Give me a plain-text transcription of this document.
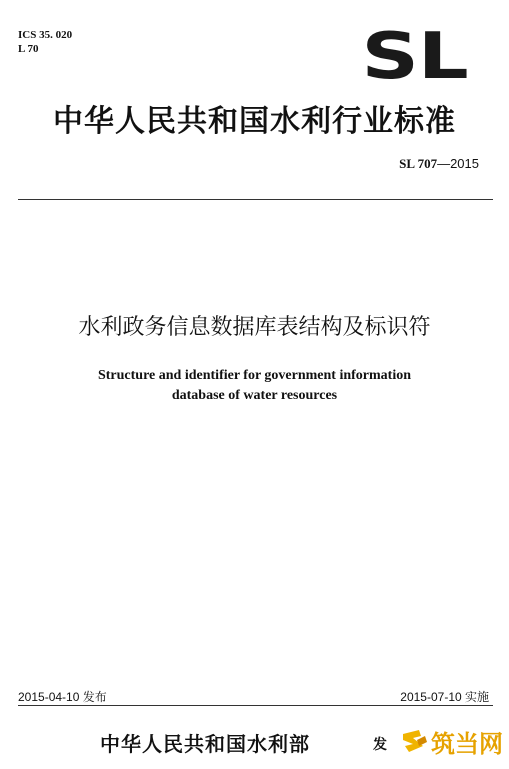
ICS 35. 020
L 70	SL
中华人民共和国水利行业标准
SL 707—2015
水利政务信息数据库表结构及标识符
Structure and identifier for government information
database of water resources
2015-04-10 发布	2015-07-10 实施
中华人民共和国水利部	发 筑当网
